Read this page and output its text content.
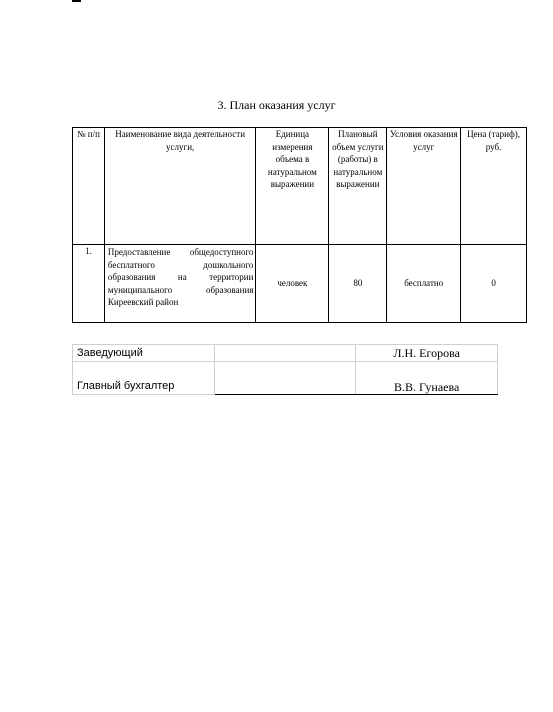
3. План оказания услуг
№ п/п	Наименование вида деятельности услуги,	Единица измерения объема в натуральном выражении	Плановый объем услуги (работы) в натуральном выражении	Условия оказания услуг	Цена (тариф), руб.
1.	Предоставление общедоступного бесплатного дошкольного образования на территории муниципального образования Киреевский район	человек	80	бесплатно	0
Заведующий		Л.Н. Егорова
Главный бухгалтер		В.В. Гунаева
